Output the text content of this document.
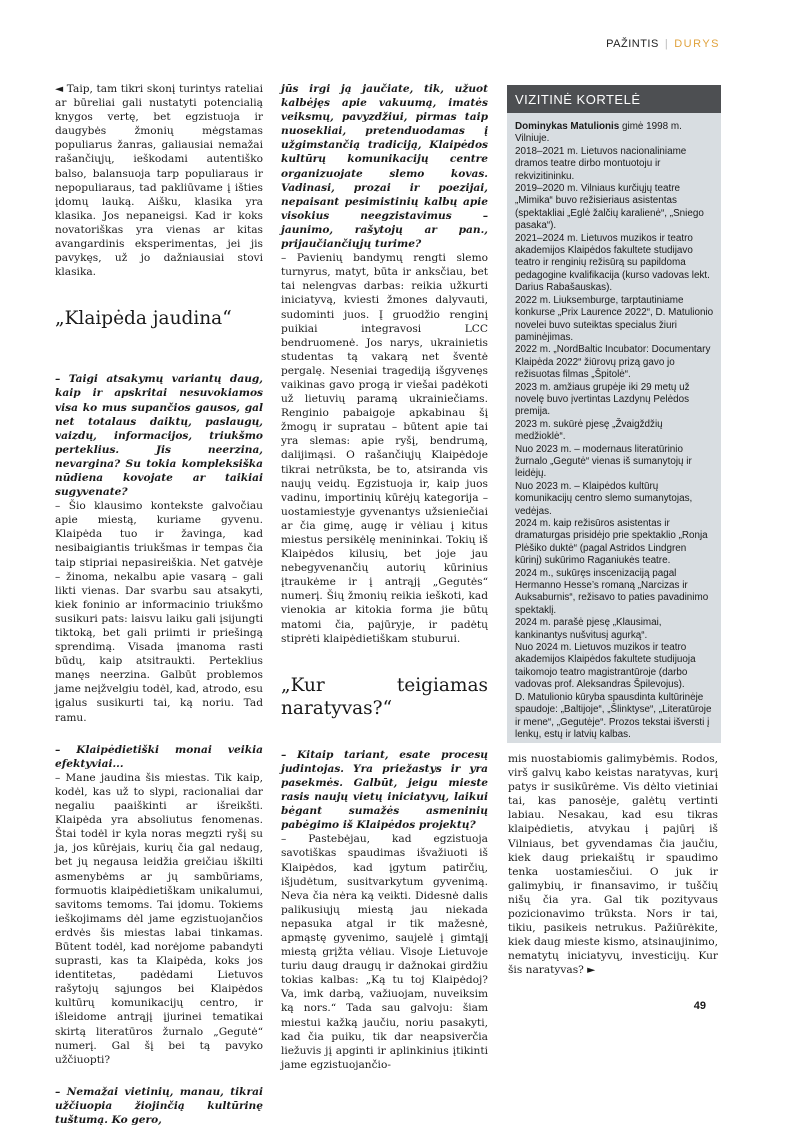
PAŽINTIS | DURYS

◄ Taip, tam tikri skonį turintys rateliai ar būreliai gali nustatyti potencialią knygos vertę, bet egzistuoja ir daugybės žmonių mėgstamas populiarus žanras, galiausiai nemažai rašančiųjų, ieškodami autentiško balso, balansuoja tarp populiaraus ir nepopuliaraus, tad pakliūvame į išties įdomų lauką. Aišku, klasika yra klasika. Jos nepaneigsi. Kad ir koks novatoriškas yra vienas ar kitas avangardinis eksperimentas, jei jis pavykęs, už jo dažniausiai stovi klasika.

„Klaipėda jaudina“

– Taigi atsakymų variantų daug, kaip ir apskritai nesuvokiamos visa ko mus supančios gausos, gal net totalaus daiktų, paslaugų, vaizdų, informacijos, triukšmo perteklius. Jis neerzina, nevargina? Su tokia kompleksiška nūdiena kovojate ar taikiai sugyvenate?

– Šio klausimo kontekste galvočiau apie miestą, kuriame gyvenu. Klaipėda tuo ir žavinga, kad nesibaigiantis triukšmas ir tempas čia taip stipriai nepasireiškia. Net gatvėje – žinoma, nekalbu apie vasarą – gali likti vienas. Dar svarbu sau atsakyti, kiek foninio ar informacinio triukšmo susikuri pats: laisvu laiku gali įsijungti tiktoką, bet gali priimti ir priešingą sprendimą. Visada įmanoma rasti būdų, kaip atsitraukti. Perteklius manęs neerzina. Galbūt problemos jame neįžvelgiu todėl, kad, atrodo, esu įgalus susikurti tai, ką noriu. Tad ramu.

– Klaipėdietiški monai veikia efektyviai...

– Mane jaudina šis miestas. Tik kaip, kodėl, kas už to slypi, racionaliai dar negaliu paaiškinti ar išreikšti. Klaipėda yra absoliutus fenomenas. Štai todėl ir kyla noras megzti ryšį su ja, jos kūrėjais, kurių čia gal nedaug, bet jų negausa leidžia greičiau iškilti asmenybėms ar jų sambūriams, formuotis klaipėdietiškam unikalumui, savitoms temoms. Tai įdomu. Tokiems ieškojimams dėl jame egzistuojančios erdvės šis miestas labai tinkamas. Būtent todėl, kad norėjome pabandyti suprasti, kas ta Klaipėda, koks jos identitetas, padėdami Lietuvos rašytojų sąjungos bei Klaipėdos kultūrų komunikacijų centro, ir išleidome antrąjį įjurinei tematikai skirtą literatūros žurnalo „Gegutė“ numerį. Gal šį bei tą pavyko užčiuopti?

– Nemažai vietinių, manau, tikrai užčiuopia žiojinčią kultūrinę tuštumą. Ko gero,

jūs irgi ją jaučiate, tik, užuot kalbėjęs apie vakuumą, imatės veiksmų, pavyzdžiui, pirmas taip nuosekliai, pretenduodamas į užgimstančią tradiciją, Klaipėdos kultūrų komunikacijų centre organizuojate slemo kovas. Vadinasi, prozai ir poezijai, nepaisant pesimistinių kalbų apie visokius neegzistavimus – jaunimo, rašytojų ar pan., prijaučiančiųjų turime?

– Pavienių bandymų rengti slemo turnyrus, matyt, būta ir anksčiau, bet tai nelengvas darbas: reikia užkurti iniciatyvą, kviesti žmones dalyvauti, sudominti juos. Į gruodžio renginį puikiai integravosi LCC bendruomenė. Jos narys, ukrainietis studentas tą vakarą net šventė pergalę. Neseniai tragediją išgyvenęs vaikinas gavo progą ir viešai padėkoti už lietuvių paramą ukrainiečiams. Renginio pabaigoje apkabinau šį žmogų ir supratau – būtent apie tai yra slemas: apie ryšį, bendrumą, dalijimąsi. O rašančiųjų Klaipėdoje tikrai netrūksta, be to, atsiranda vis naujų veidų. Egzistuoja ir, kaip juos vadinu, importinių kūrėjų kategorija – uostamiestyje gyvenantys užsieniečiai ar čia gimę, augę ir vėliau į kitus miestus persikėlę menininkai. Tokių iš Klaipėdos kilusių, bet joje jau nebegyvenančių autorių kūrinius įtraukėme ir į antrąjį „Gegutės“ numerį. Šių žmonių reikia ieškoti, kad vienokia ar kitokia forma jie būtų matomi čia, pajūryje, ir padėtų stiprėti klaipėdietiškam stuburui.

„Kur teigiamas naratyvas?“

– Kitaip tariant, esate procesų judintojas. Yra priežastys ir yra pasekmės. Galbūt, jeigu mieste rasis naujų vietų iniciatyvų, laikui bėgant sumažės asmeninių pabėgimo iš Klaipėdos projektų?

– Pastebėjau, kad egzistuoja savotiškas spaudimas išvažiuoti iš Klaipėdos, kad įgytum patirčių, išjudėtum, susitvarkytum gyvenimą. Neva čia nėra ką veikti. Didesnė dalis palikusiųjų miestą jau niekada nepasuka atgal ir tik mažesnė, apmąstę gyvenimo, saujelė į gimtąjį miestą grįžta vėliau. Visoje Lietuvoje turiu daug draugų ir dažnokai girdžiu tokias kalbas: „Ką tu toj Klaipėdoj? Va, imk darbą, važiuojam, nuveiksim ką nors.“ Tada sau galvoju: šiam miestui kažką jaučiu, noriu pasakyti, kad čia puiku, tik dar neapsiverčia liežuvis jį apginti ir aplinkinius įtikinti jame egzistuojančio-

VIZITINĖ KORTELĖ
Dominykas Matulionis gimė 1998 m. Vilniuje.
2018–2021 m. Lietuvos nacionaliniame dramos teatre dirbo montuotoju ir rekvizitininku.
2019–2020 m. Vilniaus kurčiųjų teatre „Mimika“ buvo režisieriaus asistentas (spektakliai „Eglė žalčių karalienė“, „Sniego pasaka“).
2021–2024 m. Lietuvos muzikos ir teatro akademijos Klaipėdos fakultete studijavo teatro ir renginių režisūrą su papildoma pedagogine kvalifikacija (kurso vadovas lekt. Darius Rabašauskas).
2022 m. Liuksemburge, tarptautiniame konkurse „Prix Laurence 2022“, D. Matulionio novelei buvo suteiktas specialus žiuri paminėjimas.
2022 m. „NordBaltic Incubator: Documentary Klaipėda 2022“ žiūrovų prizą gavo jo režisuotas filmas „Špitolė“.
2023 m. amžiaus grupėje iki 29 metų už novelę buvo įvertintas Lazdynų Pelėdos premija.
2023 m. sukūrė pjesę „Žvaigždžių medžioklė“.
Nuo 2023 m. – modernaus literatūrinio žurnalo „Gegutė“ vienas iš sumanytojų ir leidėjų.
Nuo 2023 m. – Klaipėdos kultūrų komunikacijų centro slemo sumanytojas, vedėjas.
2024 m. kaip režisūros asistentas ir dramaturgas prisidėjo prie spektaklio „Ronja Plėšiko duktė“ (pagal Astridos Lindgren kūrinį) sukūrimo Raganiukės teatre.
2024 m., sukūręs inscenizaciją pagal Hermanno Hesse’s romaną „Narcizas ir Auksaburnis“, režisavo to paties pavadinimo spektaklį.
2024 m. parašė pjesę „Klausimai, kankinantys nušvitusį agurką“.
Nuo 2024 m. Lietuvos muzikos ir teatro akademijos Klaipėdos fakultete studijuoja taikomojo teatro magistrantūroje (darbo vadovas prof. Aleksandras Špilevojus).
D. Matulionio kūryba spausdinta kultūrinėje spaudoje: „Baltijoje“, „Šlinktyse“, „Literatūroje ir mene“, „Gegutėje“. Prozos tekstai išversti į lenkų, estų ir latvių kalbas.

mis nuostabiomis galimybėmis. Rodos, virš galvų kabo keistas naratyvas, kurį patys ir susikūrėme. Vis dėlto vietiniai tai, kas panosėje, galėtų vertinti labiau. Nesakau, kad esu tikras klaipėdietis, atvykau į pajūrį iš Vilniaus, bet gyvendamas čia jaučiu, kiek daug priekaištų ir spaudimo tenka uostamiesčiui. O juk ir galimybių, ir finansavimo, ir tuščių nišų čia yra. Gal tik pozityvaus pozicionavimo trūksta. Nors ir tai, tikiu, pasikeis netrukus. Pažiūrėkite, kiek daug mieste kismo, atsinaujinimo, nematytų iniciatyvų, investicijų. Kur šis naratyvas? ►

49
